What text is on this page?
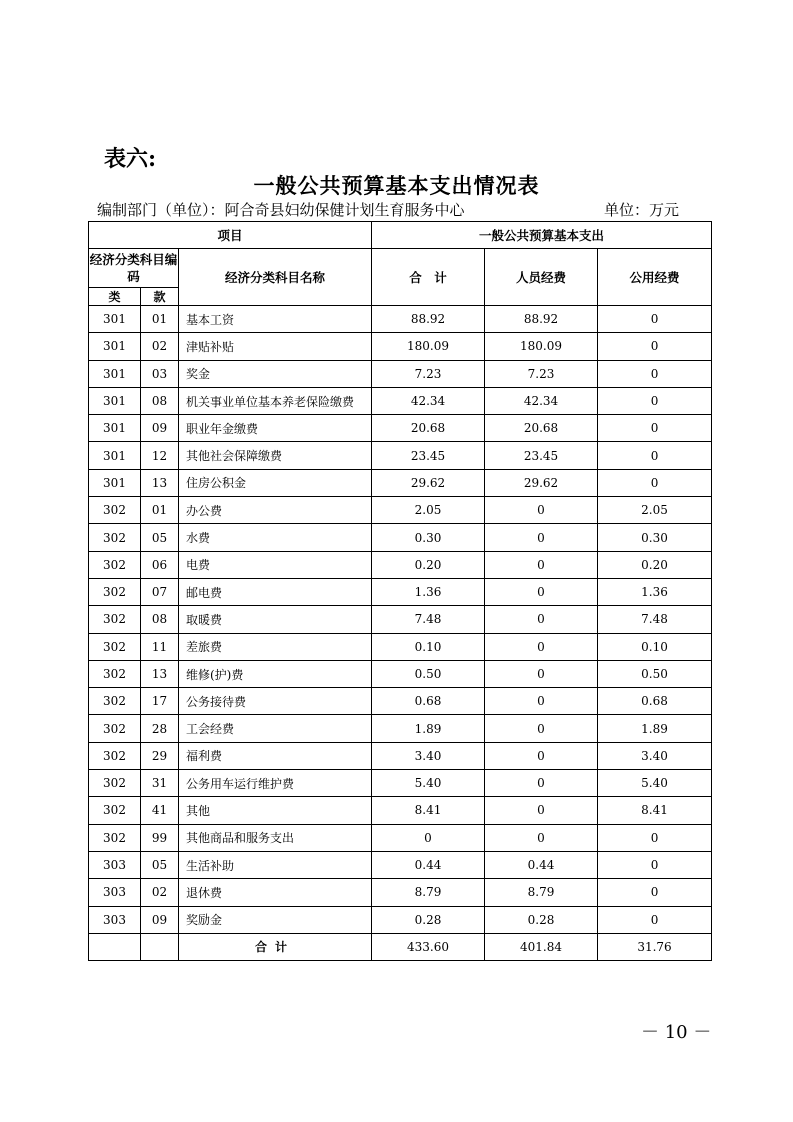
表六:
一般公共预算基本支出情况表
编制部门（单位）：阿合奇县妇幼保健计划生育服务中心	单位：万元
项目			一般公共预算基本支出		
经济分类科目编码		经济分类科目名称	合　计	人员经费	公用经费
类	款				
301	01	基本工资	88.92	88.92	0
301	02	津贴补贴	180.09	180.09	0
301	03	奖金	7.23	7.23	0
301	08	机关事业单位基本养老保险缴费	42.34	42.34	0
301	09	职业年金缴费	20.68	20.68	0
301	12	其他社会保障缴费	23.45	23.45	0
301	13	住房公积金	29.62	29.62	0
302	01	办公费	2.05	0	2.05
302	05	水费	0.30	0	0.30
302	06	电费	0.20	0	0.20
302	07	邮电费	1.36	0	1.36
302	08	取暖费	7.48	0	7.48
302	11	差旅费	0.10	0	0.10
302	13	维修(护)费	0.50	0	0.50
302	17	公务接待费	0.68	0	0.68
302	28	工会经费	1.89	0	1.89
302	29	福利费	3.40	0	3.40
302	31	公务用车运行维护费	5.40	0	5.40
302	41	其他	8.41	0	8.41
302	99	其他商品和服务支出	0	0	0
303	05	生活补助	0.44	0.44	0
303	02	退休费	8.79	8.79	0
303	09	奖励金	0.28	0.28	0
		合计	433.60	401.84	31.76
－ 10 －
